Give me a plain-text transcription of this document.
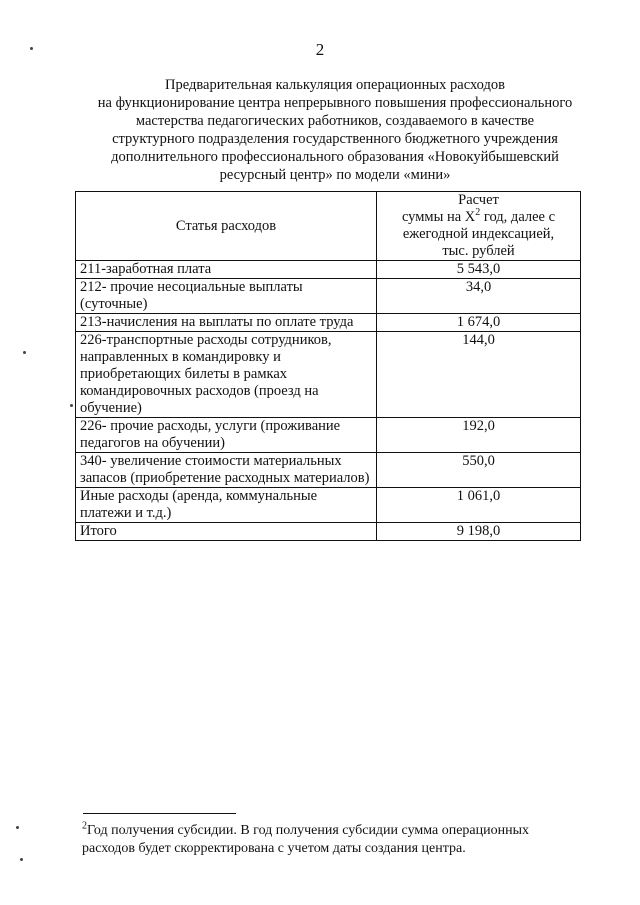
2
Предварительная калькуляция операционных расходов
на функционирование центра непрерывного повышения профессионального
мастерства педагогических работников, создаваемого в качестве
структурного подразделения государственного бюджетного учреждения
дополнительного профессионального образования «Новокуйбышевский
ресурсный центр» по модели «мини»
Статья расходов	Расчет
суммы на $X^2$ год, далее с
ежегодной индексацией,
тыс. рублей
211-заработная плата	5 543,0
212- прочие несоциальные выплаты (суточные)	34,0
213-начисления на выплаты по оплате труда	1 674,0
226-транспортные расходы сотрудников, направленных в командировку и приобретающих билеты в рамках командировочных расходов (проезд на обучение)	144,0
226- прочие расходы, услуги (проживание педагогов на обучении)	192,0
340- увеличение стоимости материальных запасов (приобретение расходных материалов)	550,0
Иные расходы (аренда, коммунальные платежи и т.д.)	1 061,0
Итого	9 198,0
$^2$Год получения субсидии. В год получения субсидии сумма операционных
расходов будет скорректирована с учетом даты создания центра.
